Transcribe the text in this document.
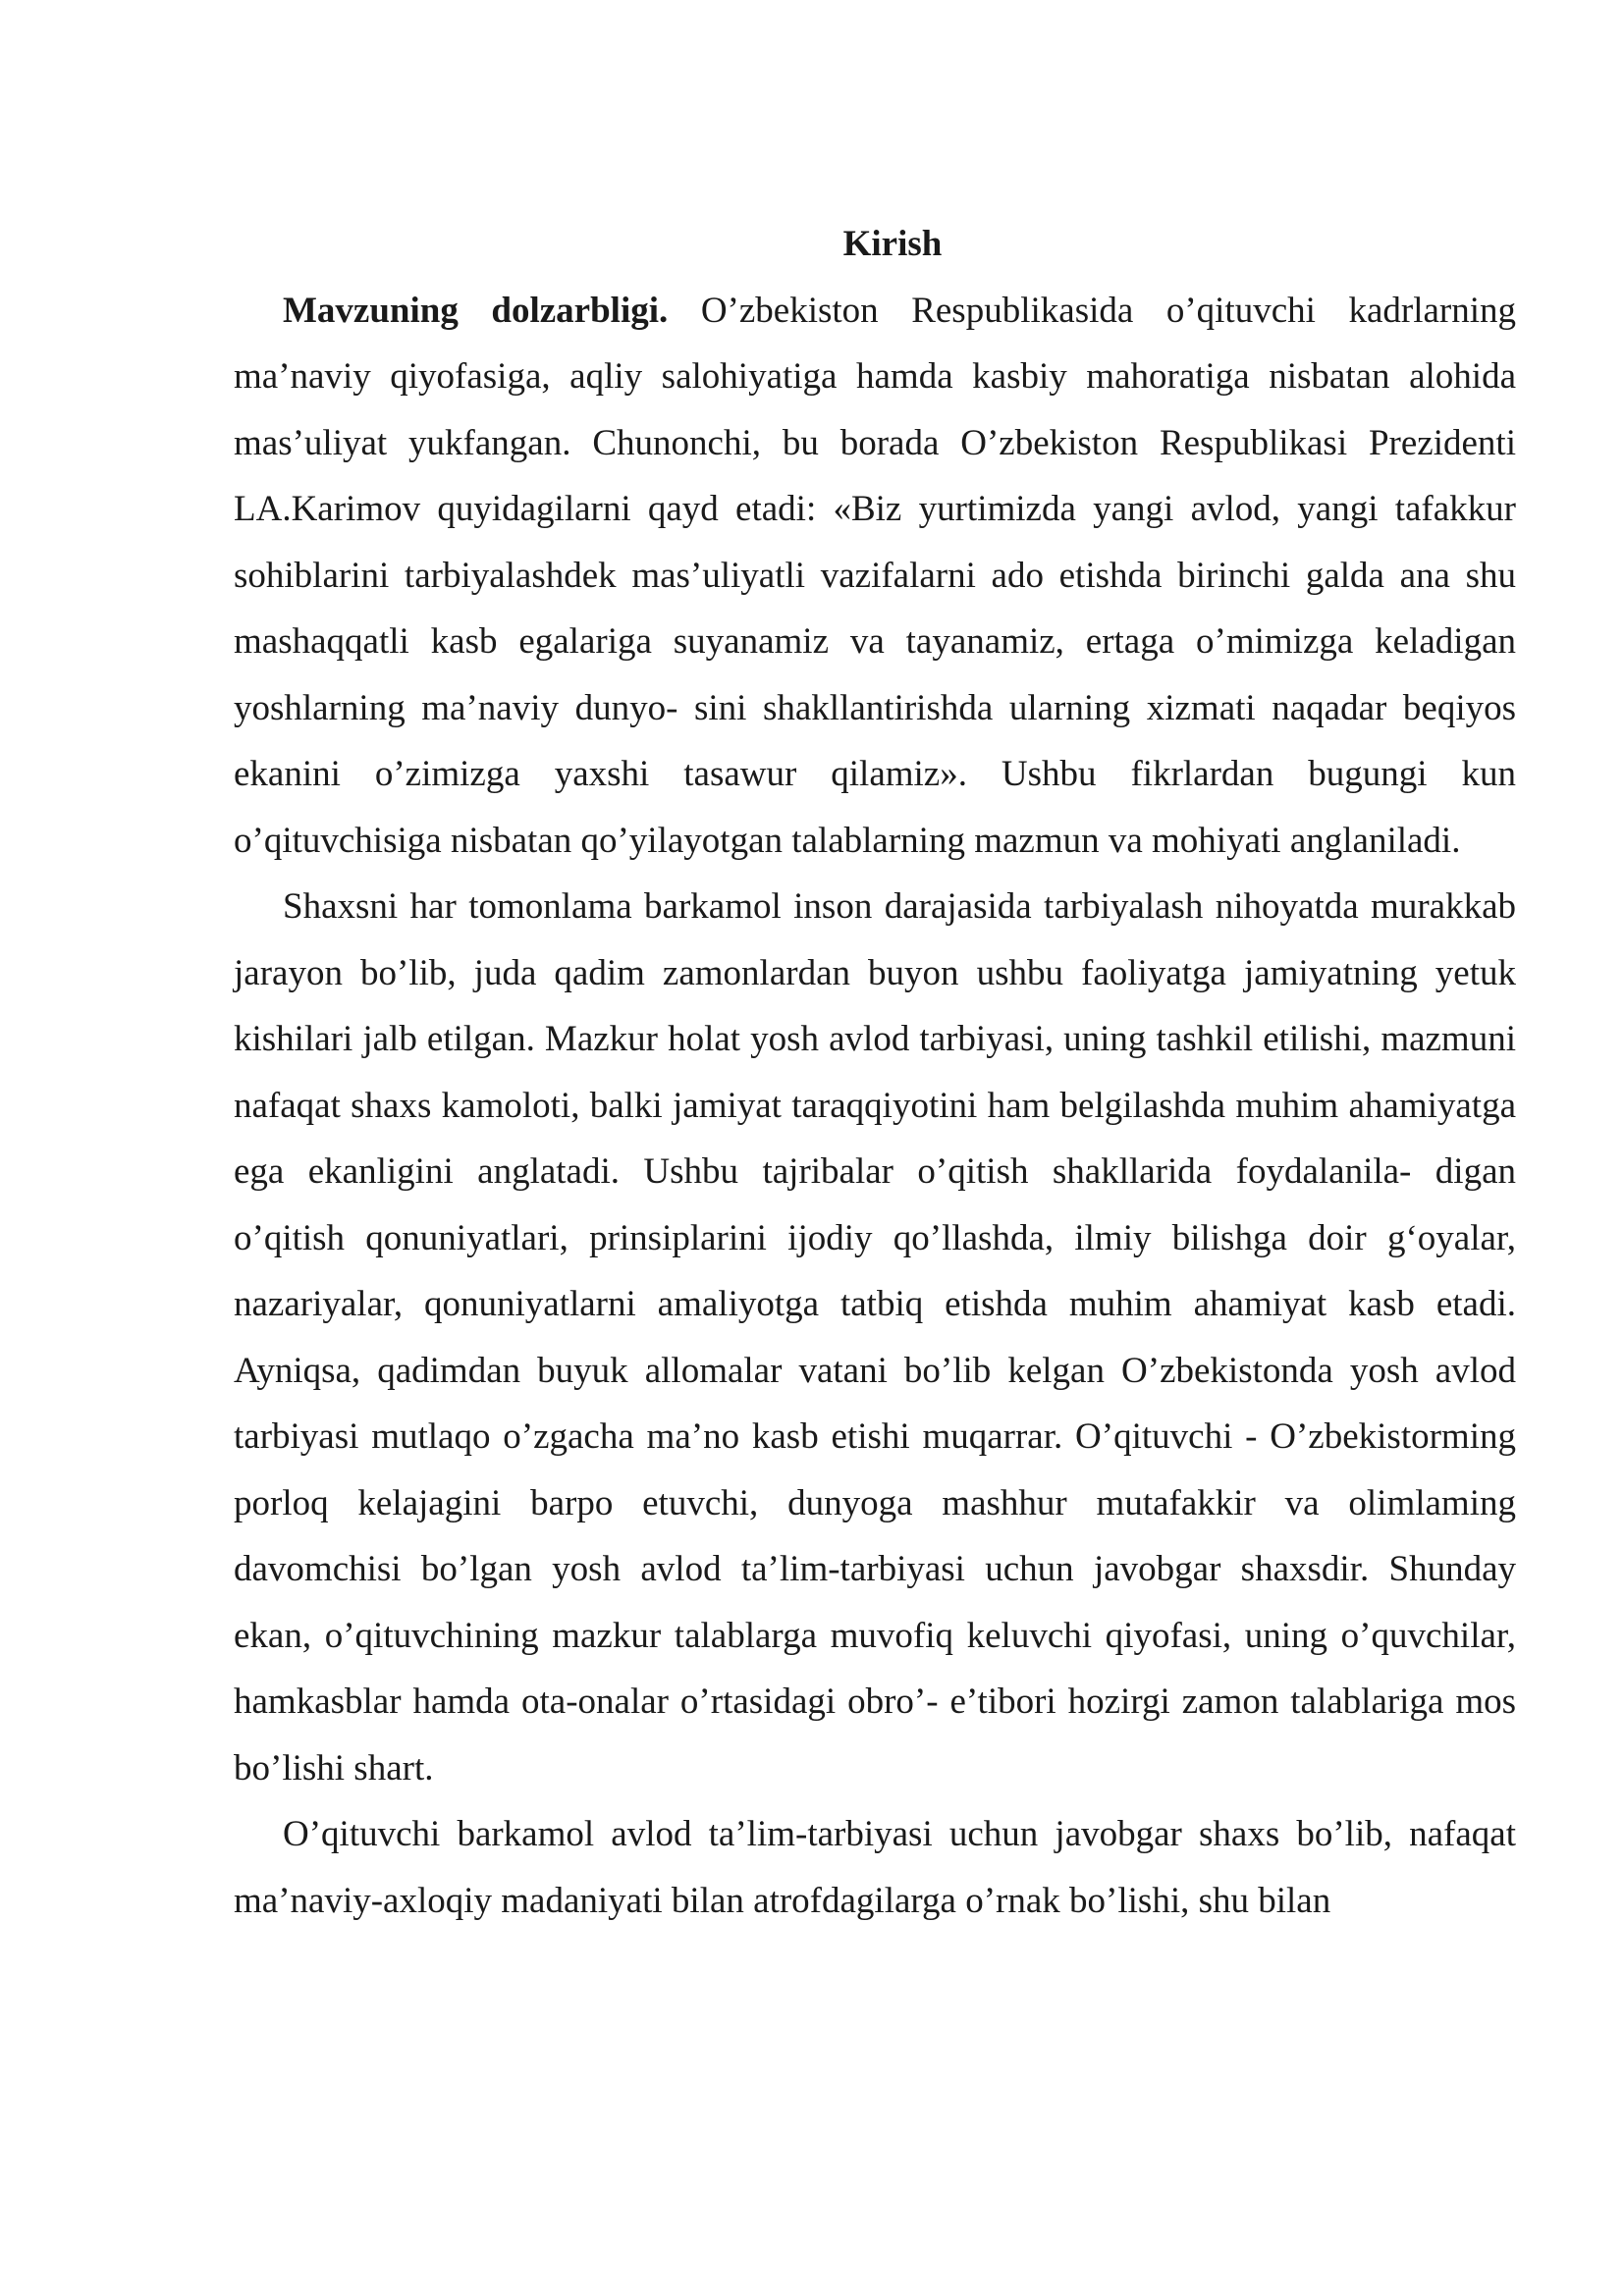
Kirish

Mavzuning dolzarbligi. O’zbekiston Respublikasida o’qituvchi kadrlarning ma’naviy qiyofasiga, aqliy salohiyatiga hamda kasbiy mahoratiga nisbatan alohida mas’uliyat yukfangan. Chunonchi, bu borada O’zbekiston Respublikasi Prezidenti LA.Karimov quyidagilarni qayd etadi: «Biz yurtimizda yangi avlod, yangi tafakkur sohiblarini tarbiyalashdek mas’uliyatli vazifalarni ado etishda birinchi galda ana shu mashaqqatli kasb egalariga suyanamiz va tayanamiz, ertaga o’mimizga keladigan yoshlarning ma’naviy dunyo- sini shakllantirishda ularning xizmati naqadar beqiyos ekanini o’zimizga yaxshi tasawur qilamiz». Ushbu fikrlardan bugungi kun o’qituvchisiga nisbatan qo’yilayotgan talablarning mazmun va mohiyati anglaniladi.

Shaxsni har tomonlama barkamol inson darajasida tarbiyalash nihoyatda murakkab jarayon bo’lib, juda qadim zamonlardan buyon ushbu faoliyatga jamiyatning yetuk kishilari jalb etilgan. Mazkur holat yosh avlod tarbiyasi, uning tashkil etilishi, mazmuni nafaqat shaxs kamoloti, balki jamiyat taraqqiyotini ham belgilashda muhim ahamiyatga ega ekanligini anglatadi. Ushbu tajribalar o’qitish shakllarida foydalanila- digan o’qitish qonuniyatlari, prinsiplarini ijodiy qo’llashda, ilmiy bilishga doir g‘oyalar, nazariyalar, qonuniyatlarni amaliyotga tatbiq etishda muhim ahamiyat kasb etadi. Ayniqsa, qadimdan buyuk allomalar vatani bo’lib kelgan O’zbekistonda yosh avlod tarbiyasi mutlaqo o’zgacha ma’no kasb etishi muqarrar. O’qituvchi - O’zbekistorming porloq kelajagini barpo etuvchi, dunyoga mashhur mutafakkir va olimlaming davomchisi bo’lgan yosh avlod ta’lim-tarbiyasi uchun javobgar shaxsdir. Shunday ekan, o’qituvchining mazkur talablarga muvofiq keluvchi qiyofasi, uning o’quvchilar, hamkasblar hamda ota-onalar o’rtasidagi obro’- e’tibori hozirgi zamon talablariga mos bo’lishi shart.

O’qituvchi barkamol avlod ta’lim-tarbiyasi uchun javobgar shaxs bo’lib, nafaqat ma’naviy-axloqiy madaniyati bilan atrofdagilarga o’rnak bo’lishi, shu bilan
